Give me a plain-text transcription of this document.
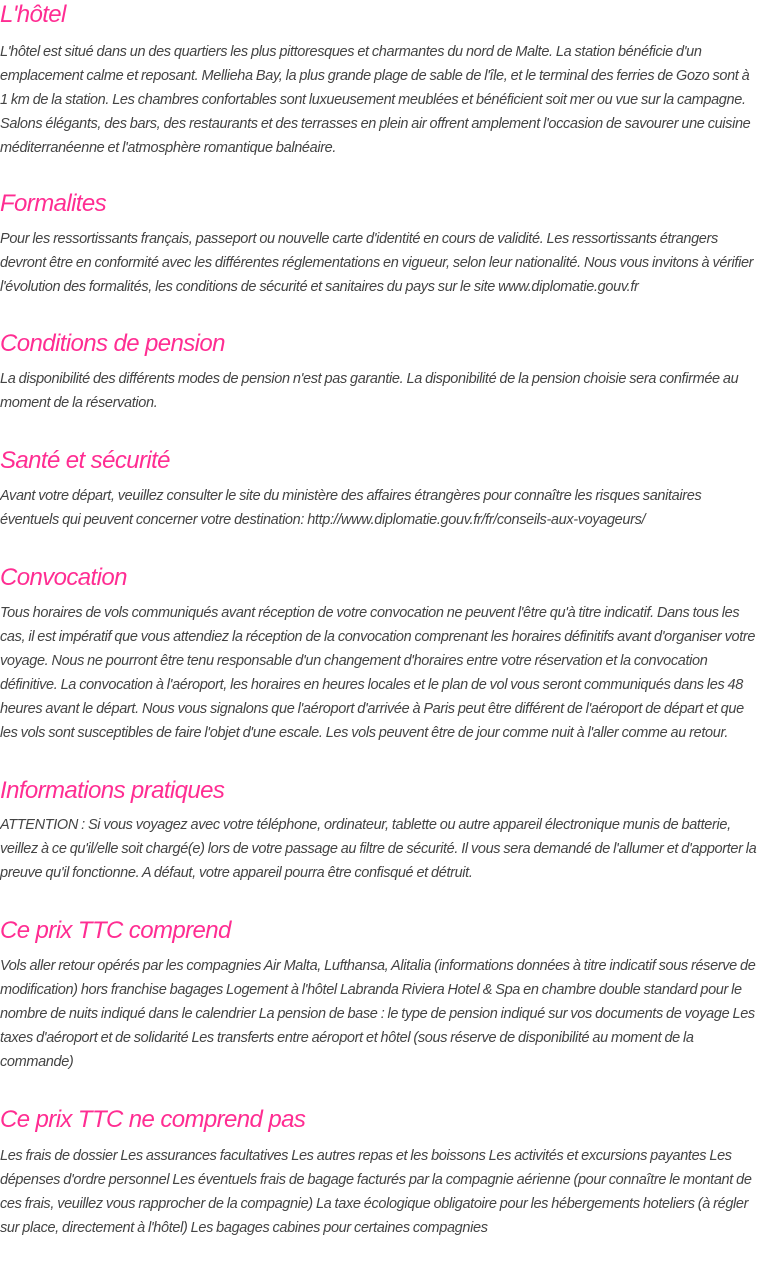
L'hôtel

L'hôtel est situé dans un des quartiers les plus pittoresques et charmantes du nord de Malte. La station bénéficie d'un emplacement calme et reposant. Mellieha Bay, la plus grande plage de sable de l'île, et le terminal des ferries de Gozo sont à 1 km de la station. Les chambres confortables sont luxueusement meublées et bénéficient soit mer ou vue sur la campagne. Salons élégants, des bars, des restaurants et des terrasses en plein air offrent amplement l'occasion de savourer une cuisine méditerranéenne et l'atmosphère romantique balnéaire.

Formalites

Pour les ressortissants français, passeport ou nouvelle carte d'identité en cours de validité. Les ressortissants étrangers devront être en conformité avec les différentes réglementations en vigueur, selon leur nationalité. Nous vous invitons à vérifier l'évolution des formalités, les conditions de sécurité et sanitaires du pays sur le site www.diplomatie.gouv.fr

Conditions de pension

La disponibilité des différents modes de pension n'est pas garantie. La disponibilité de la pension choisie sera confirmée au moment de la réservation.

Santé et sécurité

Avant votre départ, veuillez consulter le site du ministère des affaires étrangères pour connaître les risques sanitaires éventuels qui peuvent concerner votre destination: http://www.diplomatie.gouv.fr/fr/conseils-aux-voyageurs/

Convocation

Tous horaires de vols communiqués avant réception de votre convocation ne peuvent l'être qu'à titre indicatif. Dans tous les cas, il est impératif que vous attendiez la réception de la convocation comprenant les horaires définitifs avant d'organiser votre voyage. Nous ne pourront être tenu responsable d'un changement d'horaires entre votre réservation et la convocation définitive. La convocation à l'aéroport, les horaires en heures locales et le plan de vol vous seront communiqués dans les 48 heures avant le départ. Nous vous signalons que l'aéroport d'arrivée à Paris peut être différent de l'aéroport de départ et que les vols sont susceptibles de faire l'objet d'une escale. Les vols peuvent être de jour comme nuit à l'aller comme au retour.

Informations pratiques

ATTENTION : Si vous voyagez avec votre téléphone, ordinateur, tablette ou autre appareil électronique munis de batterie, veillez à ce qu'il/elle soit chargé(e) lors de votre passage au filtre de sécurité. Il vous sera demandé de l'allumer et d'apporter la preuve qu'il fonctionne. A défaut, votre appareil pourra être confisqué et détruit.

Ce prix TTC comprend

Vols aller retour opérés par les compagnies Air Malta, Lufthansa, Alitalia (informations données à titre indicatif sous réserve de modification) hors franchise bagages Logement à l'hôtel Labranda Riviera Hotel & Spa en chambre double standard pour le nombre de nuits indiqué dans le calendrier La pension de base : le type de pension indiqué sur vos documents de voyage Les taxes d'aéroport et de solidarité Les transferts entre aéroport et hôtel (sous réserve de disponibilité au moment de la commande)

Ce prix TTC ne comprend pas

Les frais de dossier Les assurances facultatives Les autres repas et les boissons Les activités et excursions payantes Les dépenses d'ordre personnel Les éventuels frais de bagage facturés par la compagnie aérienne (pour connaître le montant de ces frais, veuillez vous rapprocher de la compagnie) La taxe écologique obligatoire pour les hébergements hoteliers (à régler sur place, directement à l'hôtel) Les bagages cabines pour certaines compagnies
